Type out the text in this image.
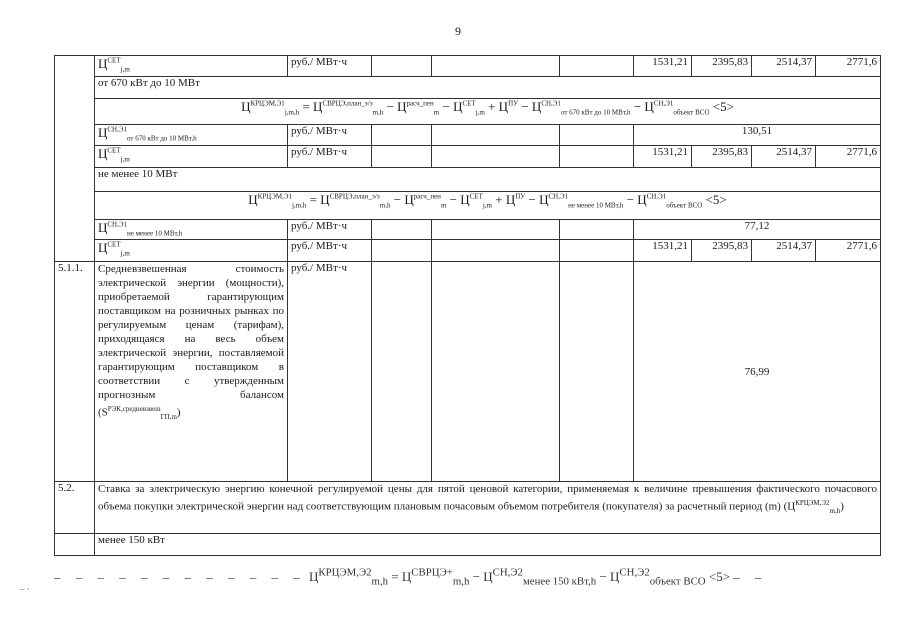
9
	$Ц^{СЕТ}_{j,m}$	руб./ МВт·ч				1531,21	2395,83	2514,37	2771,6
	от 670 кВт до 10 МВт								
	$Ц^{КРЦЭМ,Э1}_{j,m,h} = Ц^{СВРЦЭ,план\_э/э}_{m,h} - Ц^{расч\_пен}_m - Ц^{СЕТ}_{j,m} + Ц^{ПУ} - Ц^{СН,Э1}_{от 670 кВт до 10 МВт,h} - Ц^{СН,Э1}_{объект ВСО} <5>$								
	$Ц^{СН,Э1}_{от 670 кВт до 10 МВт,h}$	руб./ МВт·ч				130,51			
	$Ц^{СЕТ}_{j,m}$	руб./ МВт·ч				1531,21	2395,83	2514,37	2771,6
	не менее 10 МВт								
	$Ц^{КРЦЭМ,Э1}_{j,m,h} = Ц^{СВРЦЭ,план\_э/э}_{m,h} - Ц^{расч\_пен}_m - Ц^{СЕТ}_{j,m} + Ц^{ПУ} - Ц^{СН,Э1}_{не менее 10 МВт,h} - Ц^{СН,Э1}_{объект ВСО} <5>$								
	$Ц^{СН,Э1}_{не менее 10 МВт,h}$	руб./ МВт·ч				77,12			
	$Ц^{СЕТ}_{j,m}$	руб./ МВт·ч				1531,21	2395,83	2514,37	2771,6
5.1.1.	Средневзвешенная стоимость электрической энергии (мощности), приобретаемой гарантирующим поставщиком на розничных рынках по регулируемым ценам (тарифам), приходящаяся на весь объем электрической энергии, поставляемой гарантирующим поставщиком в соответствии с утвержденным прогнозным балансом $(S^{РЭК,средневзвеш}_{ГП,m})$	руб./ МВт·ч				76,99			
5.2.	Ставка за электрическую энергию конечной регулируемой цены для пятой ценовой категории, применяемая к величине превышения фактического почасового объема покупки электрической энергии над соответствующим плановым почасовым объемом потребителя (покупателя) за расчетный период (m) $(Ц^{КРЦЭМ,Э2}_{m,h})$								
	менее 150 кВт								
– – – – – – – – – – – – $Ц^{КРЦЭМ,Э2}_{m,h} = Ц^{СВРЦЭ+}_{m,h} - Ц^{СН,Э2}_{менее 150 кВт,h} - Ц^{СН,Э2}_{объект ВСО} <5>$ – –
– ·
